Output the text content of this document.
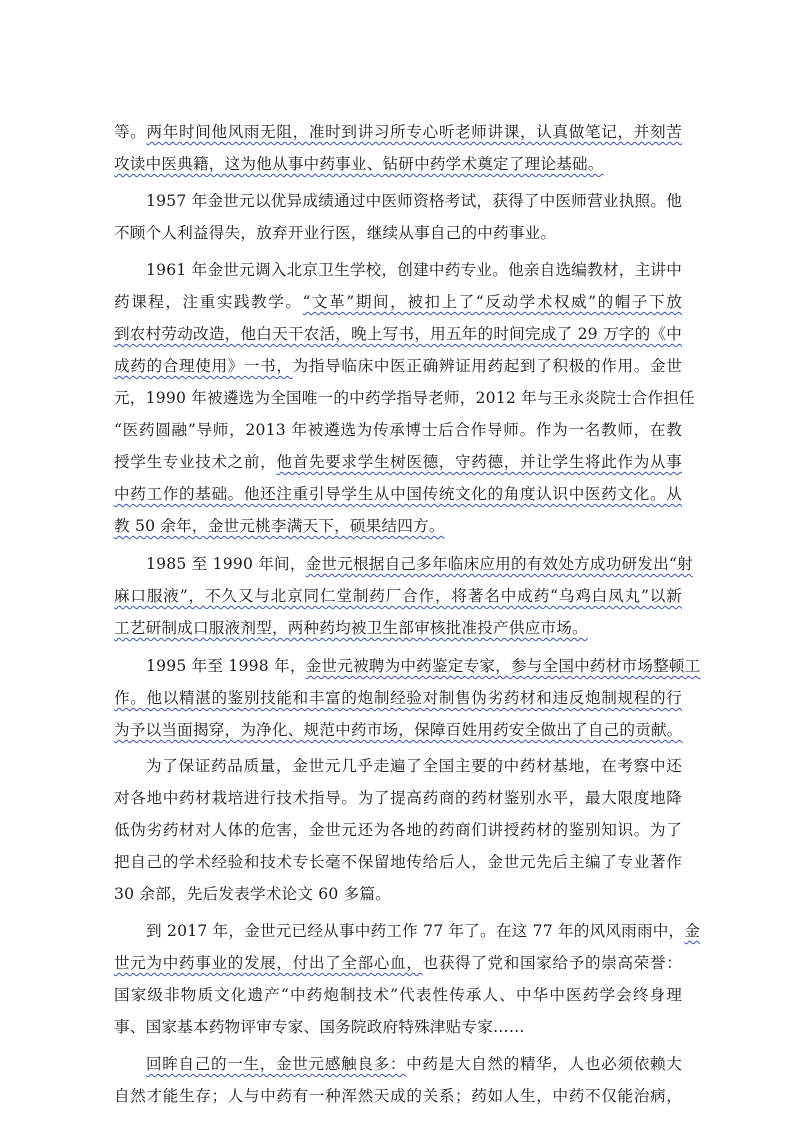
等。两年时间他风雨无阻，准时到讲习所专心听老师讲课，认真做笔记，并刻苦
攻读中医典籍，这为他从事中药事业、钻研中药学术奠定了理论基础。
1957 年金世元以优异成绩通过中医师资格考试，获得了中医师营业执照。他
不顾个人利益得失，放弃开业行医，继续从事自己的中药事业。
1961 年金世元调入北京卫生学校，创建中药专业。他亲自选编教材，主讲中
药课程，注重实践教学。“文革”期间，被扣上了“反动学术权威”的帽子下放
到农村劳动改造，他白天干农活，晚上写书，用五年的时间完成了 29 万字的《中
成药的合理使用》一书，为指导临床中医正确辨证用药起到了积极的作用。金世
元，1990 年被遴选为全国唯一的中药学指导老师，2012 年与王永炎院士合作担任
“医药圆融”导师，2013 年被遴选为传承博士后合作导师。作为一名教师，在教
授学生专业技术之前，他首先要求学生树医德，守药德，并让学生将此作为从事
中药工作的基础。他还注重引导学生从中国传统文化的角度认识中医药文化。从
教 50 余年，金世元桃李满天下，硕果结四方。
1985 至 1990 年间，金世元根据自己多年临床应用的有效处方成功研发出“射
麻口服液”，不久又与北京同仁堂制药厂合作，将著名中成药“乌鸡白凤丸”以新
工艺研制成口服液剂型，两种药均被卫生部审核批准投产供应市场。
1995 年至 1998 年，金世元被聘为中药鉴定专家，参与全国中药材市场整顿工
作。他以精湛的鉴别技能和丰富的炮制经验对制售伪劣药材和违反炮制规程的行
为予以当面揭穿，为净化、规范中药市场，保障百姓用药安全做出了自己的贡献。
为了保证药品质量，金世元几乎走遍了全国主要的中药材基地，在考察中还
对各地中药材栽培进行技术指导。为了提高药商的药材鉴别水平，最大限度地降
低伪劣药材对人体的危害，金世元还为各地的药商们讲授药材的鉴别知识。为了
把自己的学术经验和技术专长毫不保留地传给后人，金世元先后主编了专业著作
30 余部，先后发表学术论文 60 多篇。
到 2017 年，金世元已经从事中药工作 77 年了。在这 77 年的风风雨雨中，金
世元为中药事业的发展，付出了全部心血，也获得了党和国家给予的崇高荣誉：
国家级非物质文化遗产“中药炮制技术”代表性传承人、中华中医药学会终身理
事、国家基本药物评审专家、国务院政府特殊津贴专家……
回眸自己的一生，金世元感触良多：中药是大自然的精华，人也必须依赖大
自然才能生存；人与中药有一种浑然天成的关系；药如人生，中药不仅能治病，
